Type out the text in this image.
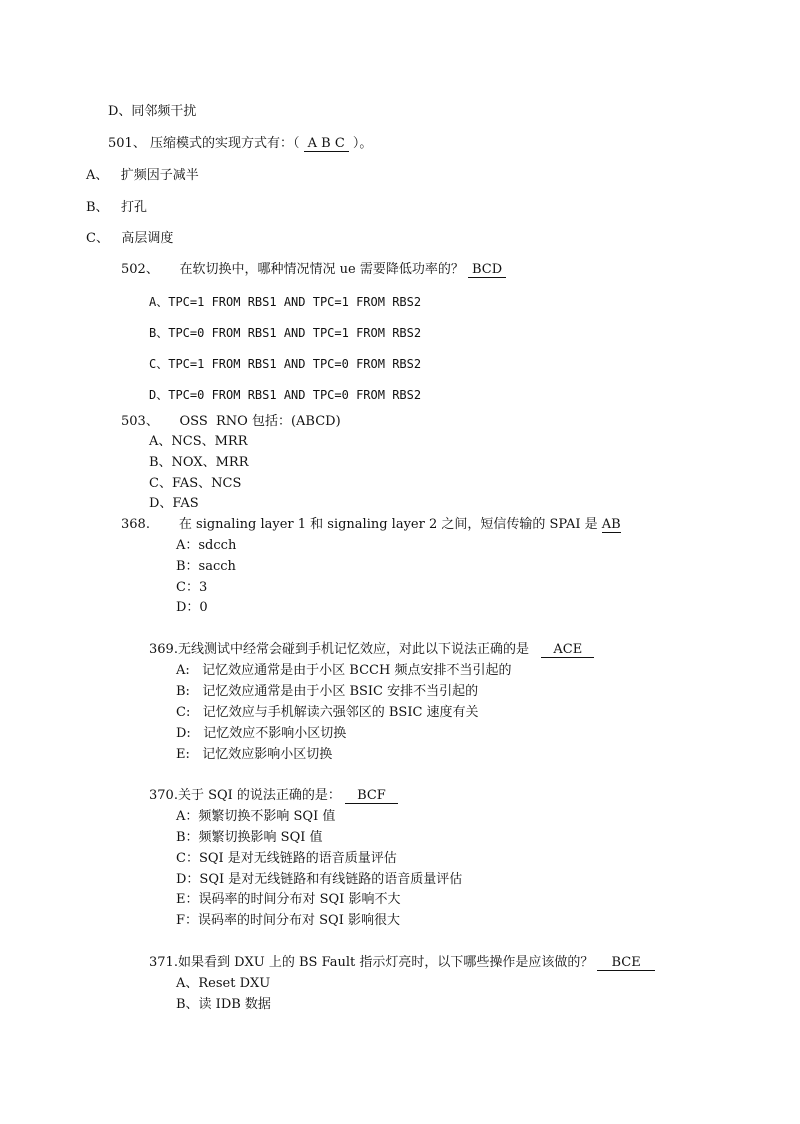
D、同邻频干扰
501、 压缩模式的实现方式有：（ A B C ）。
A、 扩频因子减半
B、 打孔
C、 高层调度
502、 在软切换中，哪种情况情况 ue 需要降低功率的？ BCD
A、TPC=1 FROM RBS1 AND TPC=1 FROM RBS2
B、TPC=0 FROM RBS1 AND TPC=1 FROM RBS2
C、TPC=1 FROM RBS1 AND TPC=0 FROM RBS2
D、TPC=0 FROM RBS1 AND TPC=0 FROM RBS2
503、 OSS  RNO 包括：(ABCD)
A、NCS、MRR
B、NOX、MRR
C、FAS、NCS
D、FAS
368. 在 signaling layer 1 和 signaling layer 2 之间，短信传输的 SPAI 是 AB
A：sdcch
B：sacch
C：3
D：0
369.无线测试中经常会碰到手机记忆效应，对此以下说法正确的是 ACE
A:   记忆效应通常是由于小区 BCCH 频点安排不当引起的
B:   记忆效应通常是由于小区 BSIC 安排不当引起的
C:   记忆效应与手机解读六强邻区的 BSIC 速度有关
D:   记忆效应不影响小区切换
E:   记忆效应影响小区切换
370.关于 SQI 的说法正确的是： BCF
A：频繁切换不影响 SQI 值
B：频繁切换影响 SQI 值
C：SQI 是对无线链路的语音质量评估
D：SQI 是对无线链路和有线链路的语音质量评估
E：误码率的时间分布对 SQI 影响不大
F：误码率的时间分布对 SQI 影响很大
371.如果看到 DXU 上的 BS Fault 指示灯亮时，以下哪些操作是应该做的？ BCE
A、Reset DXU
B、读 IDB 数据
